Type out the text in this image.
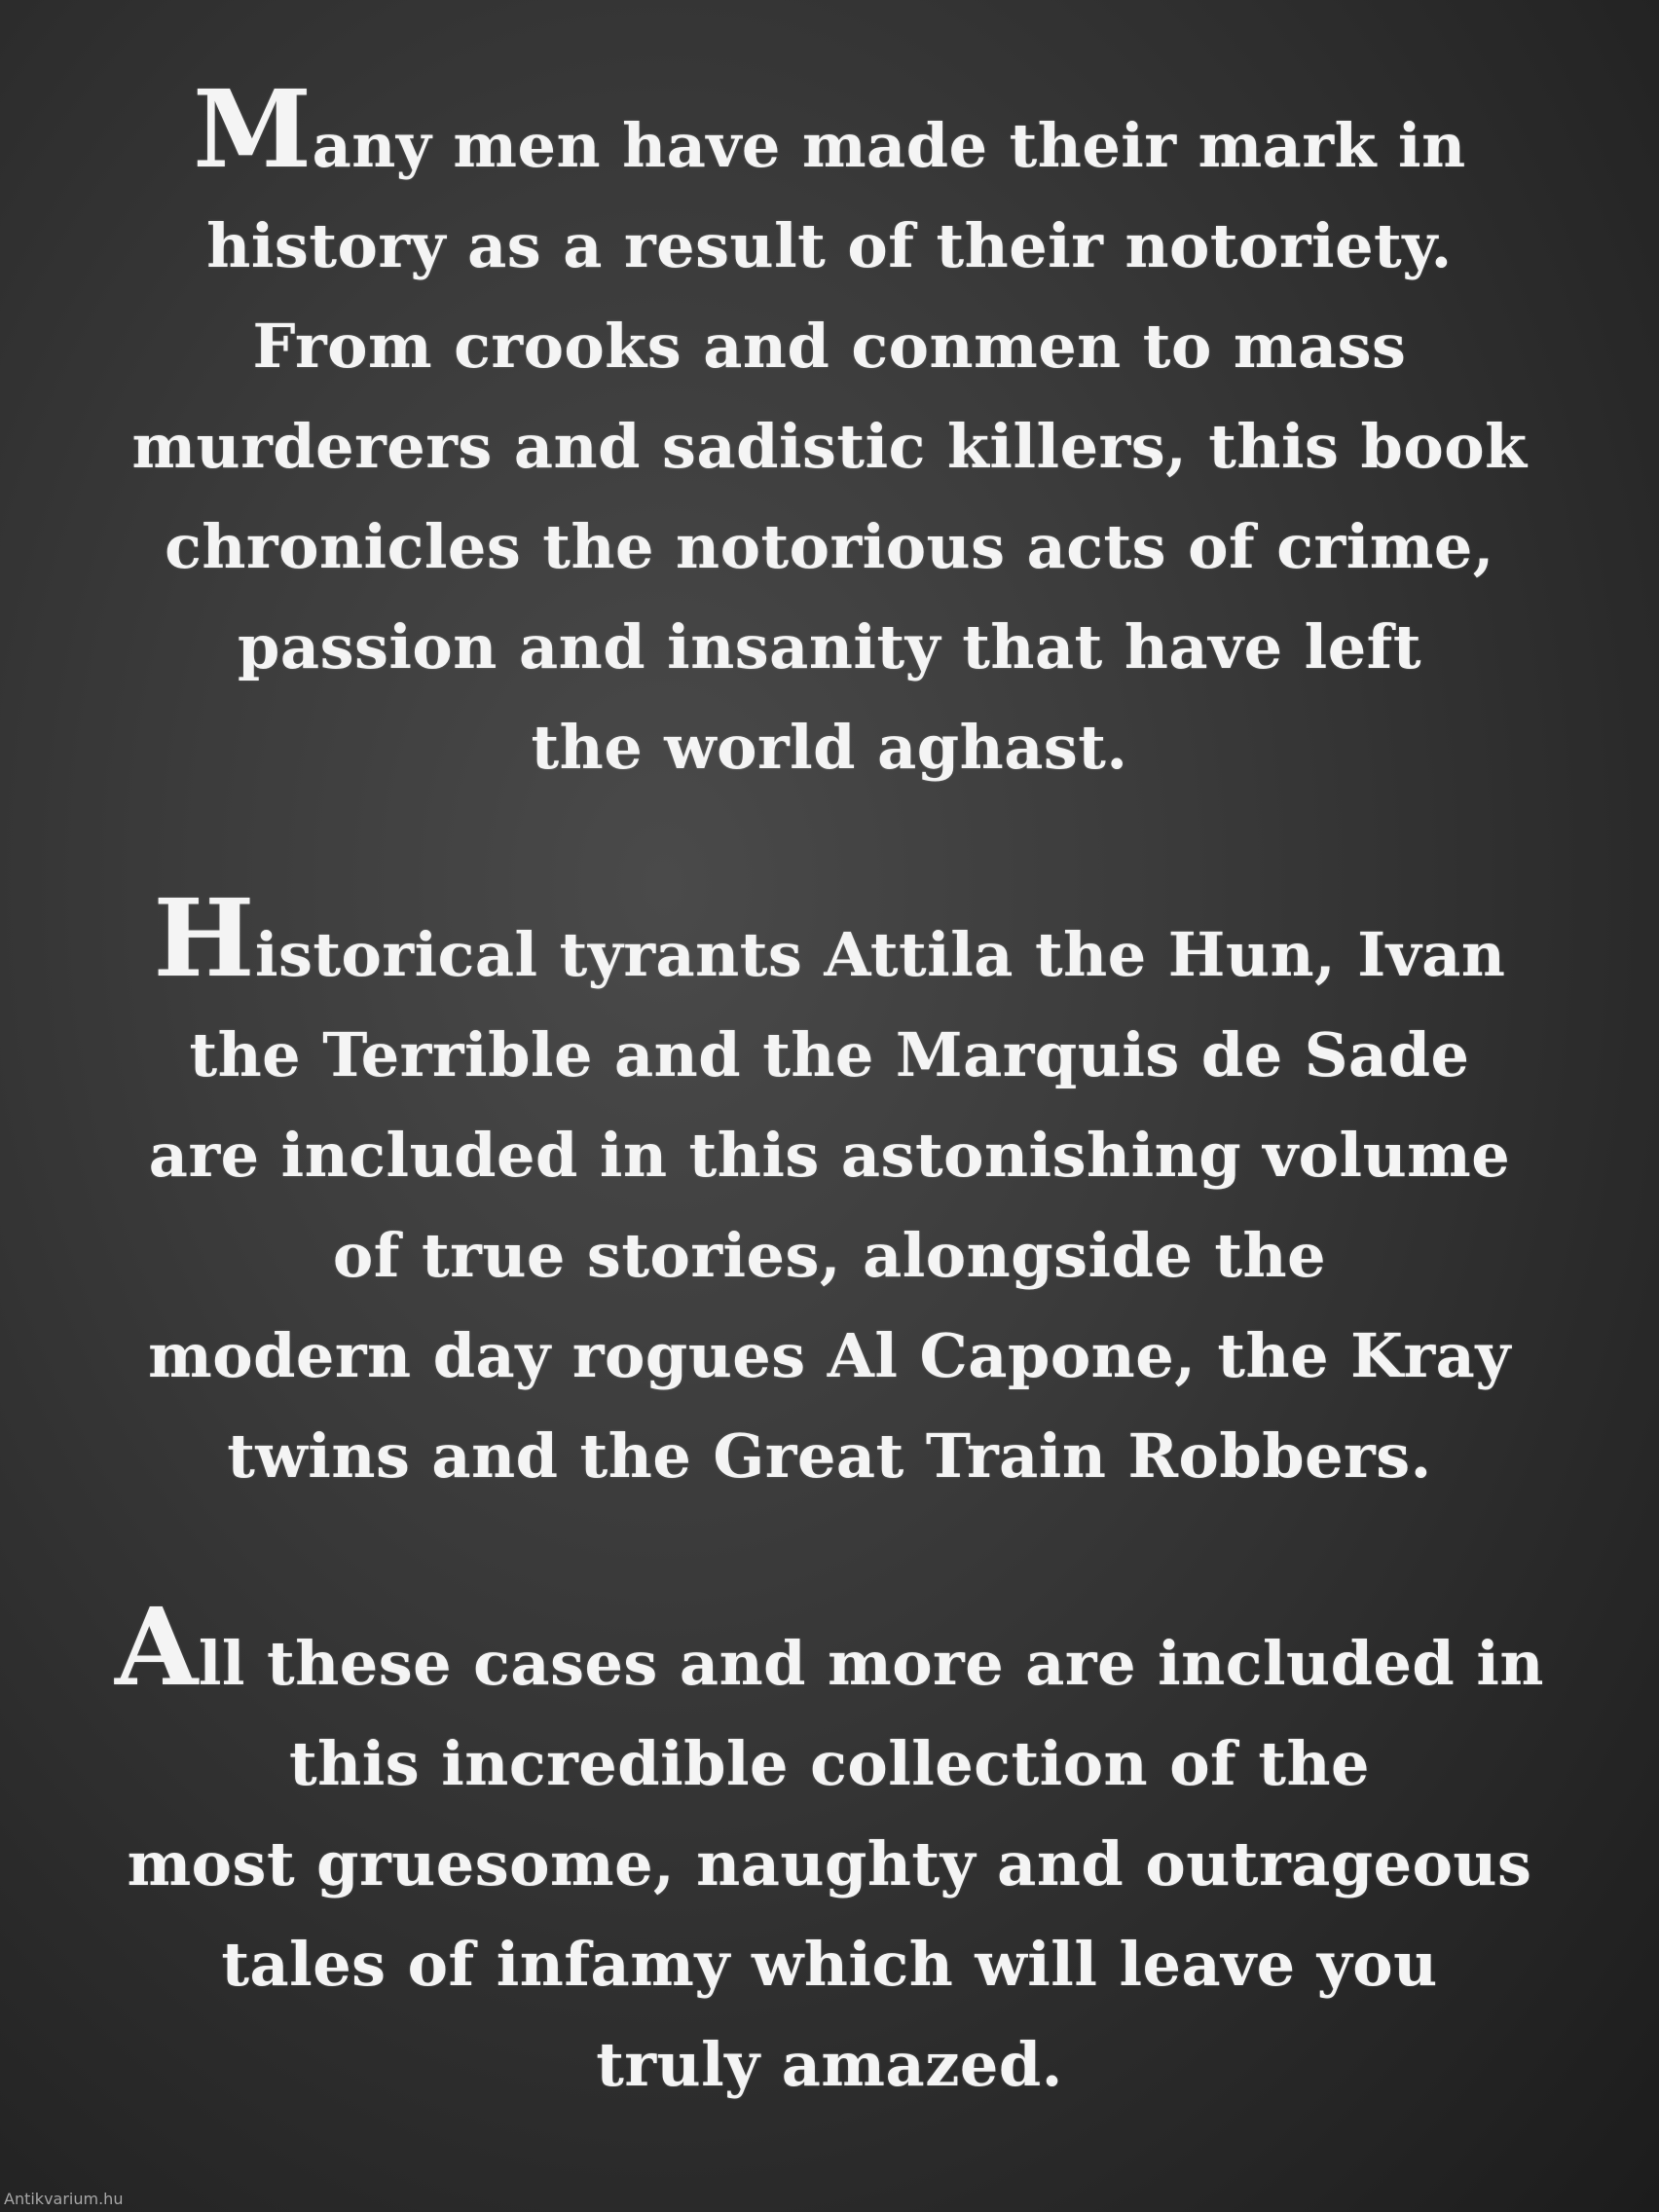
Many men have made their mark in
history as a result of their notoriety.
From crooks and conmen to mass
murderers and sadistic killers, this book
chronicles the notorious acts of crime,
passion and insanity that have left
the world aghast.
Historical tyrants Attila the Hun, Ivan
the Terrible and the Marquis de Sade
are included in this astonishing volume
of true stories, alongside the
modern day rogues Al Capone, the Kray
twins and the Great Train Robbers.
All these cases and more are included in
this incredible collection of the
most gruesome, naughty and outrageous
tales of infamy which will leave you
truly amazed.
Antikvarium.hu
